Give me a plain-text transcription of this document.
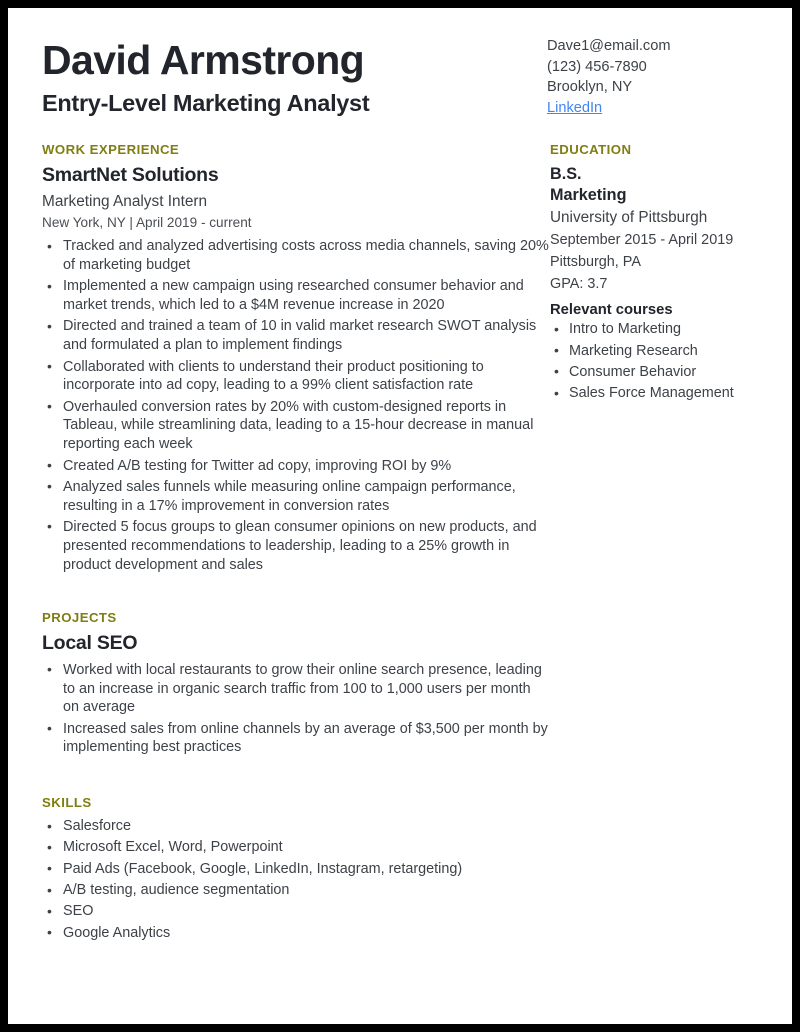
David Armstrong
Entry-Level Marketing Analyst
Dave1@email.com
(123) 456-7890
Brooklyn, NY
LinkedIn
WORK EXPERIENCE
SmartNet Solutions
Marketing Analyst Intern
New York, NY | April 2019 - current
• Tracked and analyzed advertising costs across media channels, saving 20% of marketing budget
• Implemented a new campaign using researched consumer behavior and market trends, which led to a $4M revenue increase in 2020
• Directed and trained a team of 10 in valid market research SWOT analysis and formulated a plan to implement findings
• Collaborated with clients to understand their product positioning to incorporate into ad copy, leading to a 99% client satisfaction rate
• Overhauled conversion rates by 20% with custom-designed reports in Tableau, while streamlining data, leading to a 15-hour decrease in manual reporting each week
• Created A/B testing for Twitter ad copy, improving ROI by 9%
• Analyzed sales funnels while measuring online campaign performance, resulting in a 17% improvement in conversion rates
• Directed 5 focus groups to glean consumer opinions on new products, and presented recommendations to leadership, leading to a 25% growth in product development and sales
PROJECTS
Local SEO
• Worked with local restaurants to grow their online search presence, leading to an increase in organic search traffic from 100 to 1,000 users per month on average
• Increased sales from online channels by an average of $3,500 per month by implementing best practices
SKILLS
• Salesforce
• Microsoft Excel, Word, Powerpoint
• Paid Ads (Facebook, Google, LinkedIn, Instagram, retargeting)
• A/B testing, audience segmentation
• SEO
• Google Analytics
EDUCATION
B.S.
Marketing
University of Pittsburgh
September 2015 - April 2019
Pittsburgh, PA
GPA: 3.7
Relevant courses
• Intro to Marketing
• Marketing Research
• Consumer Behavior
• Sales Force Management
